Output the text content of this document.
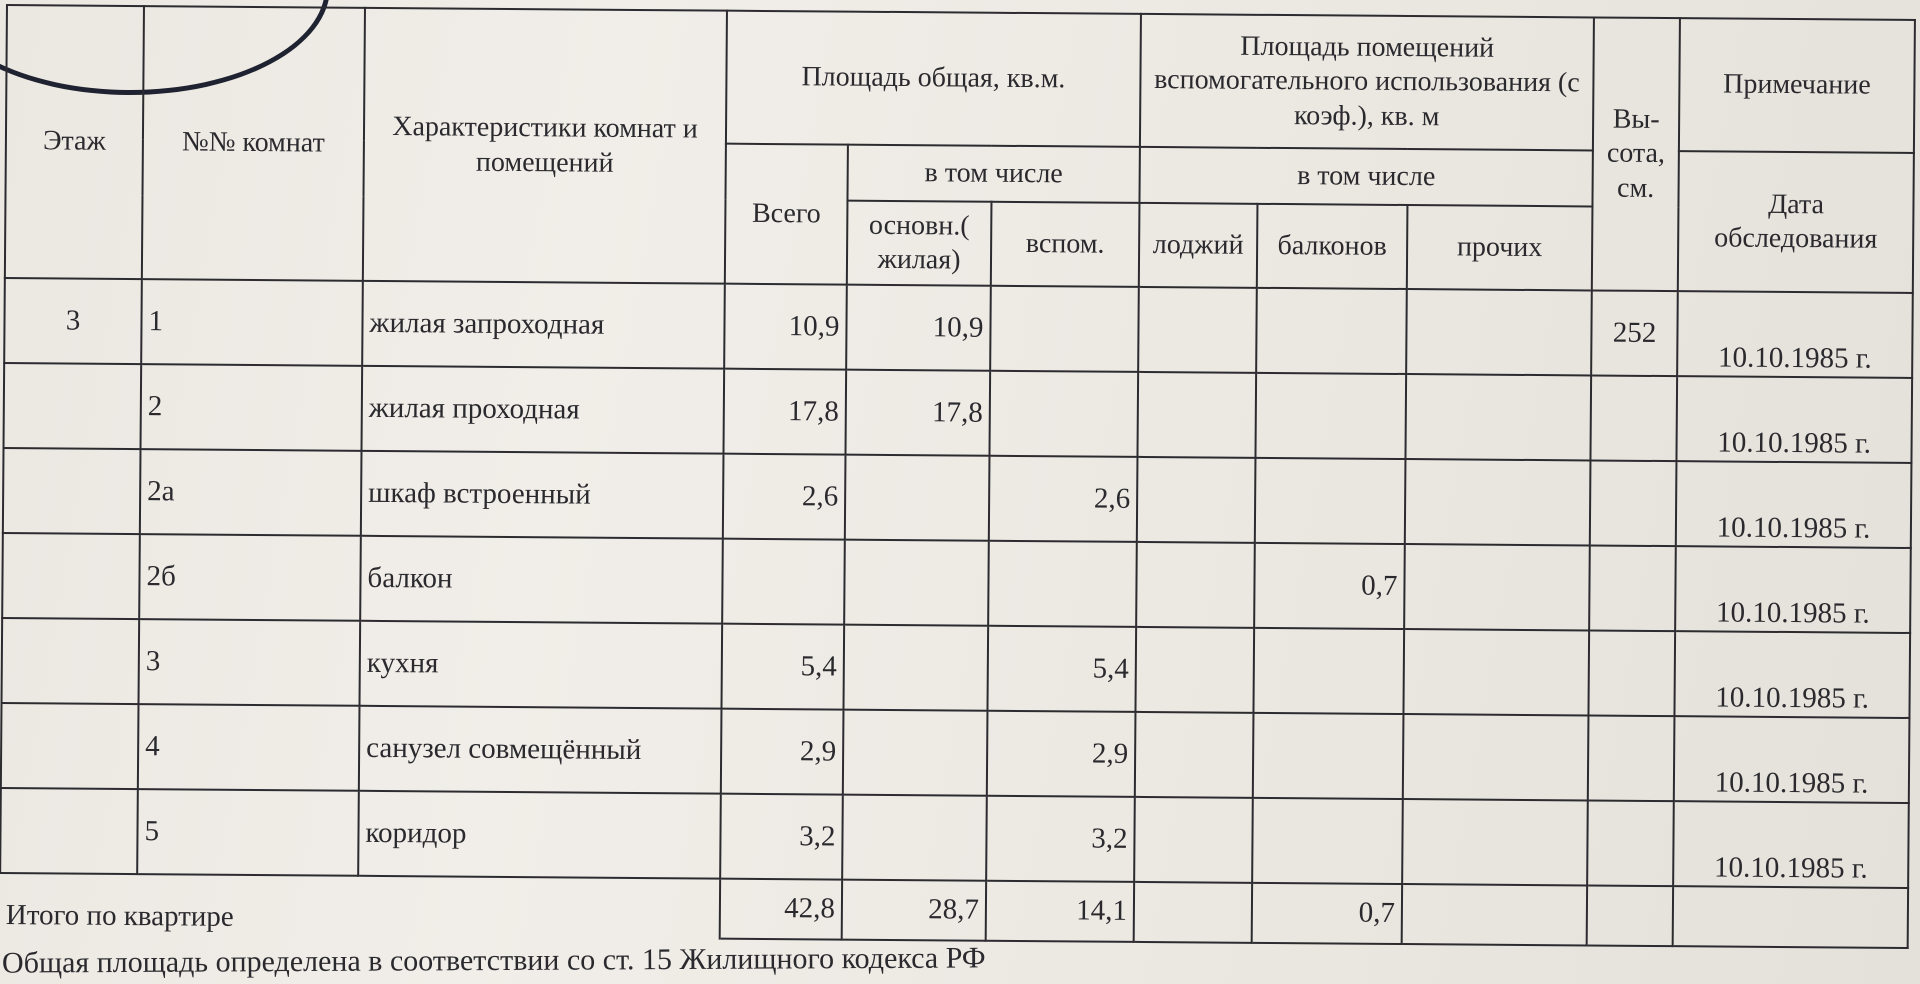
Этаж	№№ комнат	Характеристики комнат и помещений	Площадь общая, кв.м.			Площадь помещений вспомогательного использования (с коэф.), кв. м			Вы- сота, см.	Примечание
			Всего	в том числе		в том числе				Дата обследования
				основн.( жилая)	вспом.	лоджий	балконов	прочих		
3	1	жилая запроходная	10,9	10,9					252	10.10.1985 г.
	2	жилая проходная	17,8	17,8						10.10.1985 г.
	2а	шкаф встроенный	2,6		2,6					10.10.1985 г.
	2б	балкон					0,7			10.10.1985 г.
	3	кухня	5,4		5,4					10.10.1985 г.
	4	санузел совмещённый	2,9		2,9					10.10.1985 г.
	5	коридор	3,2		3,2					10.10.1985 г.
Итого по квартире			42,8	28,7	14,1		0,7			
Общая площадь определена в соответствии со ст. 15 Жилищного кодекса РФ
